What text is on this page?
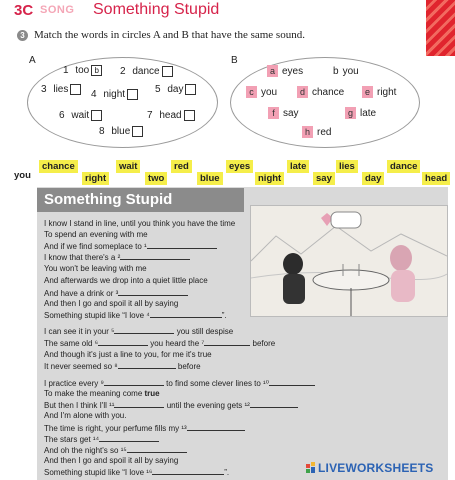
3C SONG Something Stupid
3 Match the words in circles A and B that have the same sound.
A
1
too b	2
dance
3
lies 4
night	5
day
6
wait	7
head
8
blue
B
a eyes	b you
c you	d chance	e right
f say	g late
h red
you
chance
right
wait
two
red
blue
eyes
night
late
say
lies
day
dance
head
Something Stupid
I know I stand in line, until you think you have the time
To spend an evening with me
And if we find someplace to ¹
I know that there's a ²
You won't be leaving with me
And afterwards we drop into a quiet little place
And have a drink or ³
And then I go and spoil it all by saying
Something stupid like “I love ⁴	”.
I can see it in your ⁵	you still despise
The same old ⁶	you heard the ⁷	before
And though it's just a line to you, for me it's true
It never seemed so ⁸	before
I practice every ⁹	to find some clever lines to ¹⁰
To make the meaning come true
But then I think I'll ¹¹	until the evening gets ¹²
And I'm alone with you.
The time is right, your perfume fills my ¹³
The stars get ¹⁴
And oh the night's so ¹⁵
And then I go and spoil it all by saying
Something stupid like “I love ¹⁶	”.	LIVEWORKSHEETS
